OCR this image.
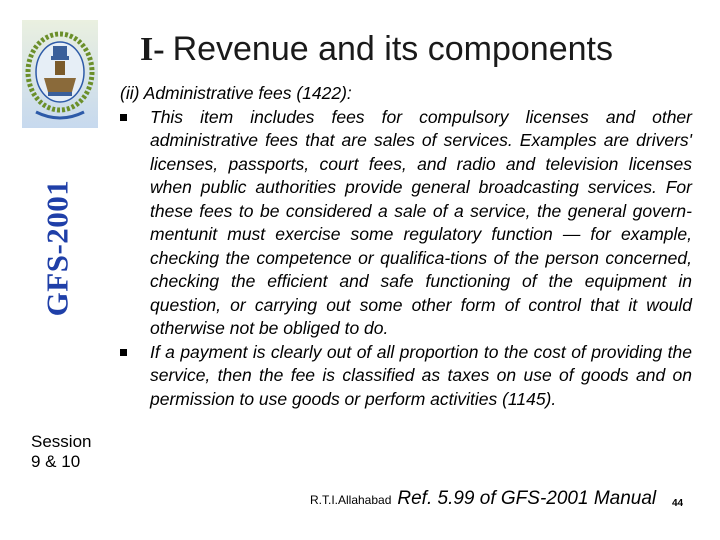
GFS-2001
Session
9 & 10
I- Revenue and its components
(ii) Administrative fees (1422):
This item includes fees for compulsory licenses and other administrative fees that are sales of services. Examples are drivers' licenses, passports, court fees, and radio and television licenses when public authorities provide general broadcasting services. For these fees to be considered a sale of a service, the general govern-mentunit must exercise some regulatory function — for example, checking the competence or qualifica-tions of the person concerned, checking the efficient and safe functioning of the equipment in question, or carrying out some other form of control that it would otherwise not be obliged to do.
If a payment is clearly out of all proportion to the cost of providing the service, then the fee is classified as taxes on use of goods and on permission to use goods or perform activities (1145).
R.T.I.Allahabad Ref. 5.99 of GFS-2001 Manual 44
